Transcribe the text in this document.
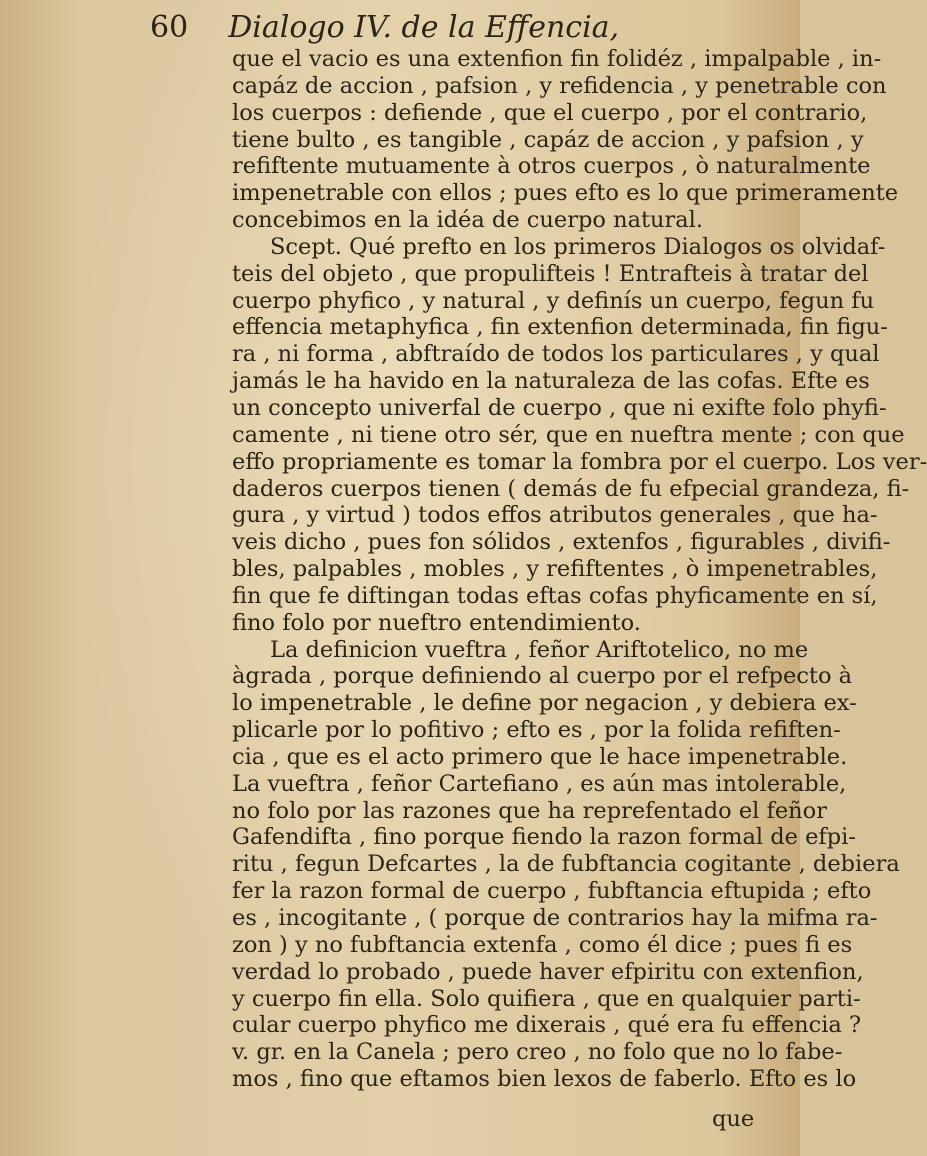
60 Dialogo IV. de la Effencia,
que el vacio es una extenfion fin folidéz , impalpable , in-
capáz de accion , pafsion , y refidencia , y penetrable con
los cuerpos : defiende , que el cuerpo , por el contrario,
tiene bulto , es tangible , capáz de accion , y pafsion , y
refiftente mutuamente à otros cuerpos , ò naturalmente
impenetrable con ellos ; pues efto es lo que primeramente
concebimos en la idéa de cuerpo natural.
Scept. Qué prefto en los primeros Dialogos os olvidaf-
teis del objeto , que propulifteis ! Entrafteis à tratar del
cuerpo phyfico , y natural , y definís un cuerpo, fegun fu
effencia metaphyfica , fin extenfion determinada, fin figu-
ra , ni forma , abftraído de todos los particulares , y qual
jamás le ha havido en la naturaleza de las cofas. Efte es
un concepto univerfal de cuerpo , que ni exifte folo phyfi-
camente , ni tiene otro sér, que en nueftra mente ; con que
effo propriamente es tomar la fombra por el cuerpo. Los ver-
daderos cuerpos tienen ( demás de fu efpecial grandeza, fi-
gura , y virtud ) todos effos atributos generales , que ha-
veis dicho , pues fon sólidos , extenfos , figurables , divifi-
bles, palpables , mobles , y refiftentes , ò impenetrables,
fin que fe diftingan todas eftas cofas phyficamente en sí,
fino folo por nueftro entendimiento.
La definicion vueftra , feñor Ariftotelico, no me
àgrada , porque definiendo al cuerpo por el refpecto à
lo impenetrable , le define por negacion , y debiera ex-
plicarle por lo pofitivo ; efto es , por la folida refiften-
cia , que es el acto primero que le hace impenetrable.
La vueftra , feñor Cartefiano , es aún mas intolerable,
no folo por las razones que ha reprefentado el feñor
Gafendifta , fino porque fiendo la razon formal de efpi-
ritu , fegun Defcartes , la de fubftancia cogitante , debiera
fer la razon formal de cuerpo , fubftancia eftupida ; efto
es , incogitante , ( porque de contrarios hay la mifma ra-
zon ) y no fubftancia extenfa , como él dice ; pues fi es
verdad lo probado , puede haver efpiritu con extenfion,
y cuerpo fin ella. Solo quifiera , que en qualquier parti-
cular cuerpo phyfico me dixerais , qué era fu effencia ?
v. gr. en la Canela ; pero creo , no folo que no lo fabe-
mos , fino que eftamos bien lexos de faberlo. Efto es lo
que
